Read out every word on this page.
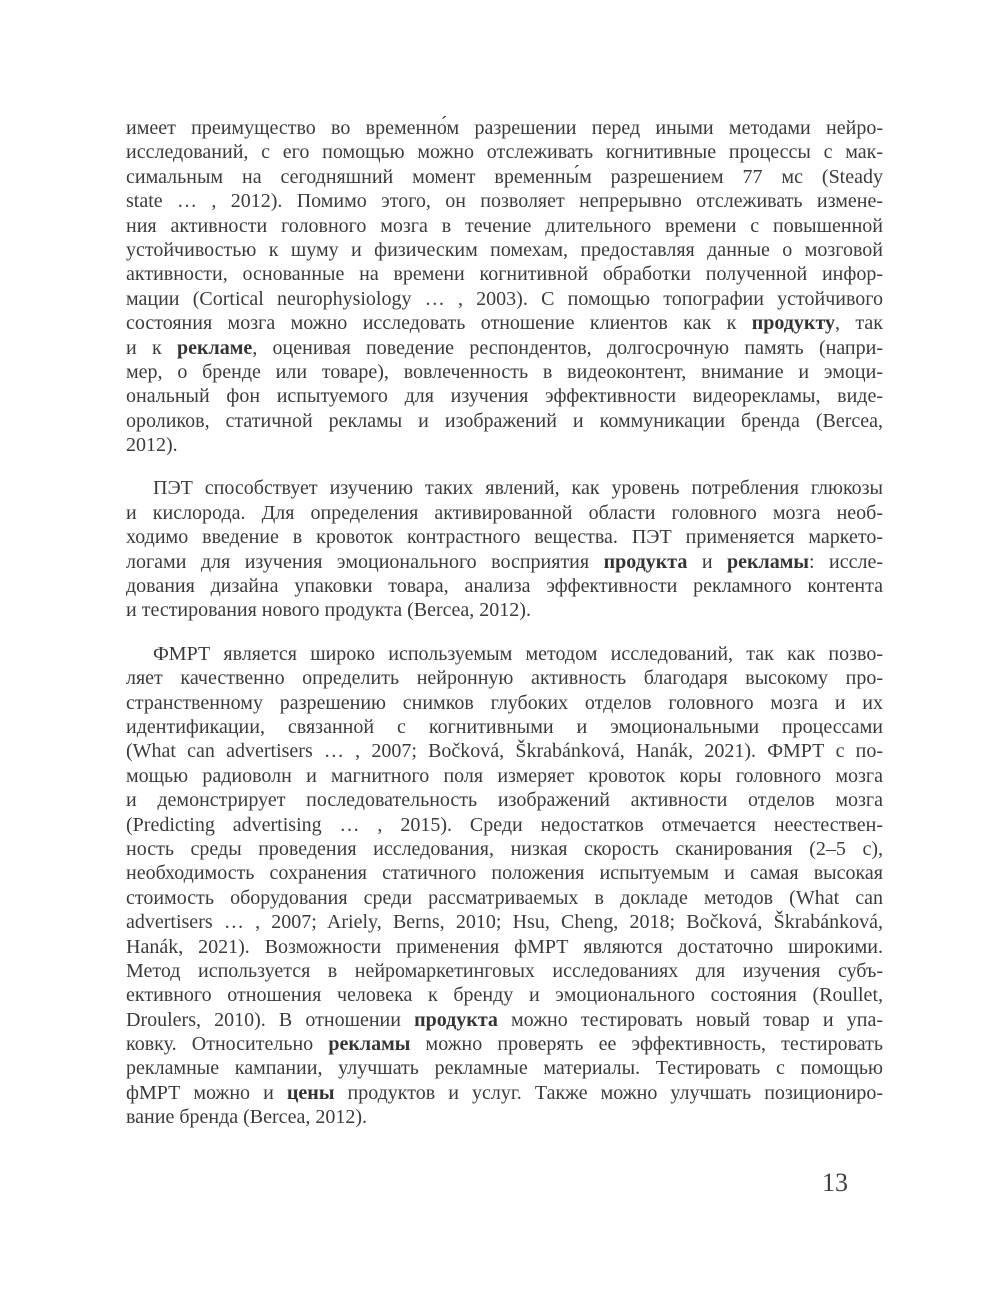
имеет преимущество во временно́м разрешении перед иными методами нейро-
исследований, с его помощью можно отслеживать когнитивные процессы с мак-
симальным на сегодняшний момент временны́м разрешением 77 мс (Steady
state … , 2012). Помимо этого, он позволяет непрерывно отслеживать измене-
ния активности головного мозга в течение длительного времени с повышенной
устойчивостью к шуму и физическим помехам, предоставляя данные о мозговой
активности, основанные на времени когнитивной обработки полученной инфор-
мации (Cortical neurophysiology … , 2003). С помощью топографии устойчивого
состояния мозга можно исследовать отношение клиентов как к продукту, так
и к рекламе, оценивая поведение респондентов, долгосрочную память (напри-
мер, о бренде или товаре), вовлеченность в видеоконтент, внимание и эмоци-
ональный фон испытуемого для изучения эффективности видеорекламы, виде-
ороликов, статичной рекламы и изображений и коммуникации бренда (Bercea,
2012).
ПЭТ способствует изучению таких явлений, как уровень потребления глюкозы
и кислорода. Для определения активированной области головного мозга необ-
ходимо введение в кровоток контрастного вещества. ПЭТ применяется маркето-
логами для изучения эмоционального восприятия продукта и рекламы: иссле-
дования дизайна упаковки товара, анализа эффективности рекламного контента
и тестирования нового продукта (Bercea, 2012).
ФМРТ является широко используемым методом исследований, так как позво-
ляет качественно определить нейронную активность благодаря высокому про-
странственному разрешению снимков глубоких отделов головного мозга и их
идентификации, связанной с когнитивными и эмоциональными процессами
(What can advertisers … , 2007; Bočková, Škrabánková, Hanák, 2021). ФМРТ с по-
мощью радиоволн и магнитного поля измеряет кровоток коры головного мозга
и демонстрирует последовательность изображений активности отделов мозга
(Predicting advertising … , 2015). Среди недостатков отмечается неестествен-
ность среды проведения исследования, низкая скорость сканирования (2–5 с),
необходимость сохранения статичного положения испытуемым и самая высокая
стоимость оборудования среди рассматриваемых в докладе методов (What can
advertisers … , 2007; Ariely, Berns, 2010; Hsu, Cheng, 2018; Bočková, Škrabánková,
Hanák, 2021). Возможности применения фМРТ являются достаточно широкими.
Метод используется в нейромаркетинговых исследованиях для изучения субъ-
ективного отношения человека к бренду и эмоционального состояния (Roullet,
Droulers, 2010). В отношении продукта можно тестировать новый товар и упа-
ковку. Относительно рекламы можно проверять ее эффективность, тестировать
рекламные кампании, улучшать рекламные материалы. Тестировать с помощью
фМРТ можно и цены продуктов и услуг. Также можно улучшать позициониро-
вание бренда (Bercea, 2012).
13
